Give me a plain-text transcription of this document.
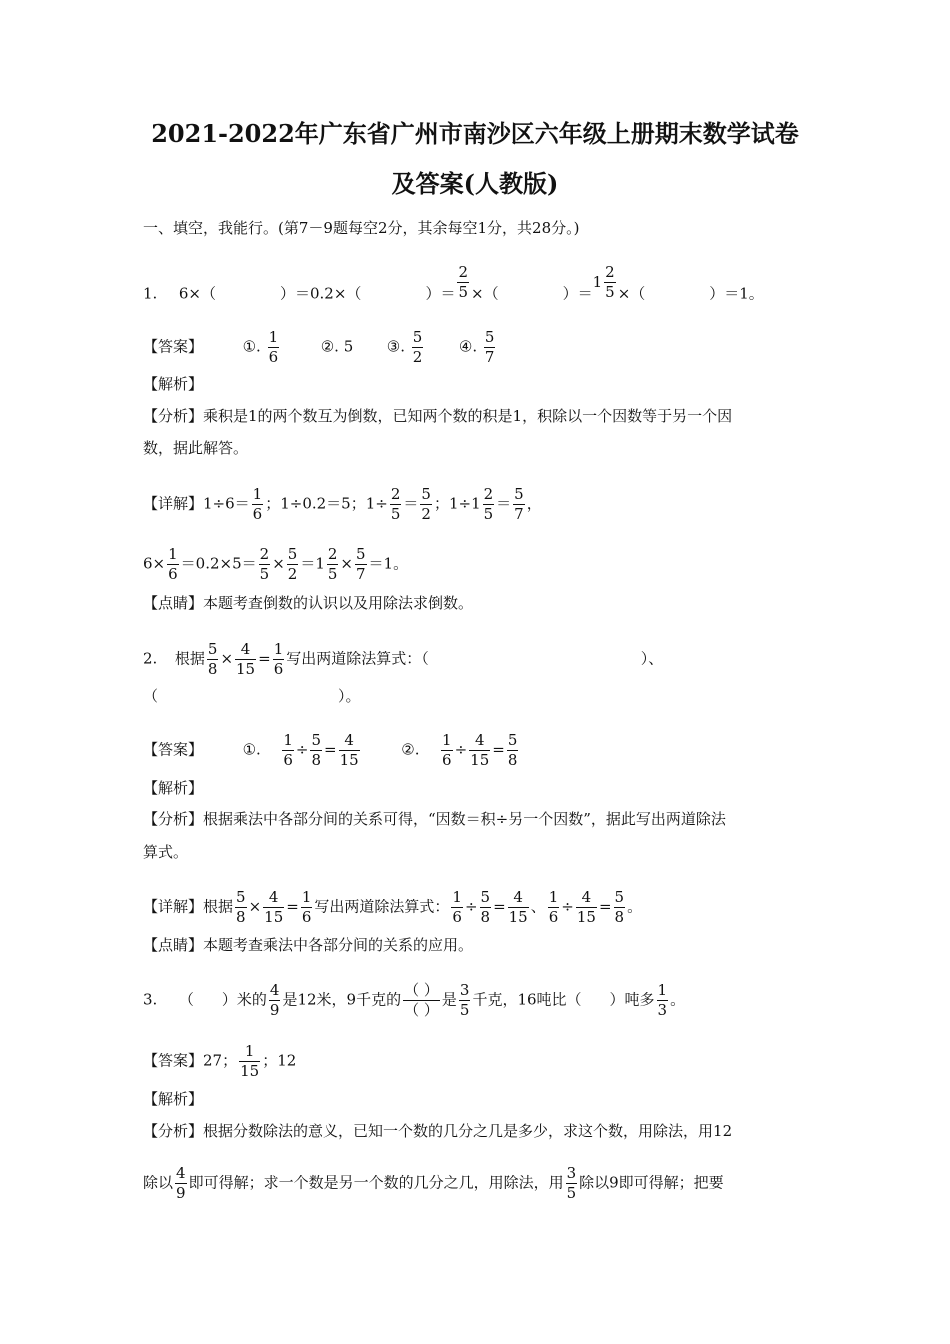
2021-2022年广东省广州市南沙区六年级上册期末数学试卷
及答案(人教版)
一、填空，我能行。(第7－9题每空2分，其余每空1分，共28分。)
1. 6×（	）＝0.2×（	）＝ $\frac{2}{5}$ ×（	）$=1 \frac{2}{5}$ ×（	）＝1。
【答案】	①. $\frac{1}{6}$	②. 5 ③. $\frac{5}{2}$ ④. $\frac{5}{7}$
【解析】
【分析】乘积是1的两个数互为倒数，已知两个数的积是1，积除以一个因数等于另一个因
数，据此解答。
【详解】$1\div 6= \frac{1}{6}$ ；1÷0.2＝5；$1\div \frac{2}{5} = \frac{5}{2}$ ；$1\div 1 \frac{2}{5} = \frac{5}{7}$ ，
$6\times \frac{1}{6} =0.2\times 5= \frac{2}{5} \times \frac{5}{2} =1 \frac{2}{5} \times \frac{5}{7} =1$。
【点睛】本题考查倒数的认识以及用除法求倒数。
2. 根据 $\frac{5}{8} \times \frac{4}{15} = \frac{1}{6}$ 写出两道除法算式：（	）、
（	）。
【答案】	①. $\frac{1}{6} \div \frac{5}{8} = \frac{4}{15}$	②. $\frac{1}{6} \div \frac{4}{15} = \frac{5}{8}$
【解析】
【分析】根据乘法中各部分间的关系可得，“因数＝积÷另一个因数”，据此写出两道除法
算式。
【详解】根据 $\frac{5}{8} \times \frac{4}{15} = \frac{1}{6}$ 写出两道除法算式： $\frac{1}{6} \div \frac{5}{8} = \frac{4}{15}$ 、 $\frac{1}{6} \div \frac{4}{15} = \frac{5}{8}$ 。
【点睛】本题考查乘法中各部分间的关系的应用。
3. （ ）米的 $\frac{4}{9}$ 是12米，9千克的 $\frac{( )}{( )}$ 是 $\frac{3}{5}$ 千克，16吨比（ ）吨多 $\frac{1}{3}$ 。
【答案】27； $\frac{1}{15}$ ；12
【解析】
【分析】根据分数除法的意义，已知一个数的几分之几是多少，求这个数，用除法，用12
除以 $\frac{4}{9}$ 即可得解；求一个数是另一个数的几分之几，用除法，用 $\frac{3}{5}$ 除以9即可得解；把要
